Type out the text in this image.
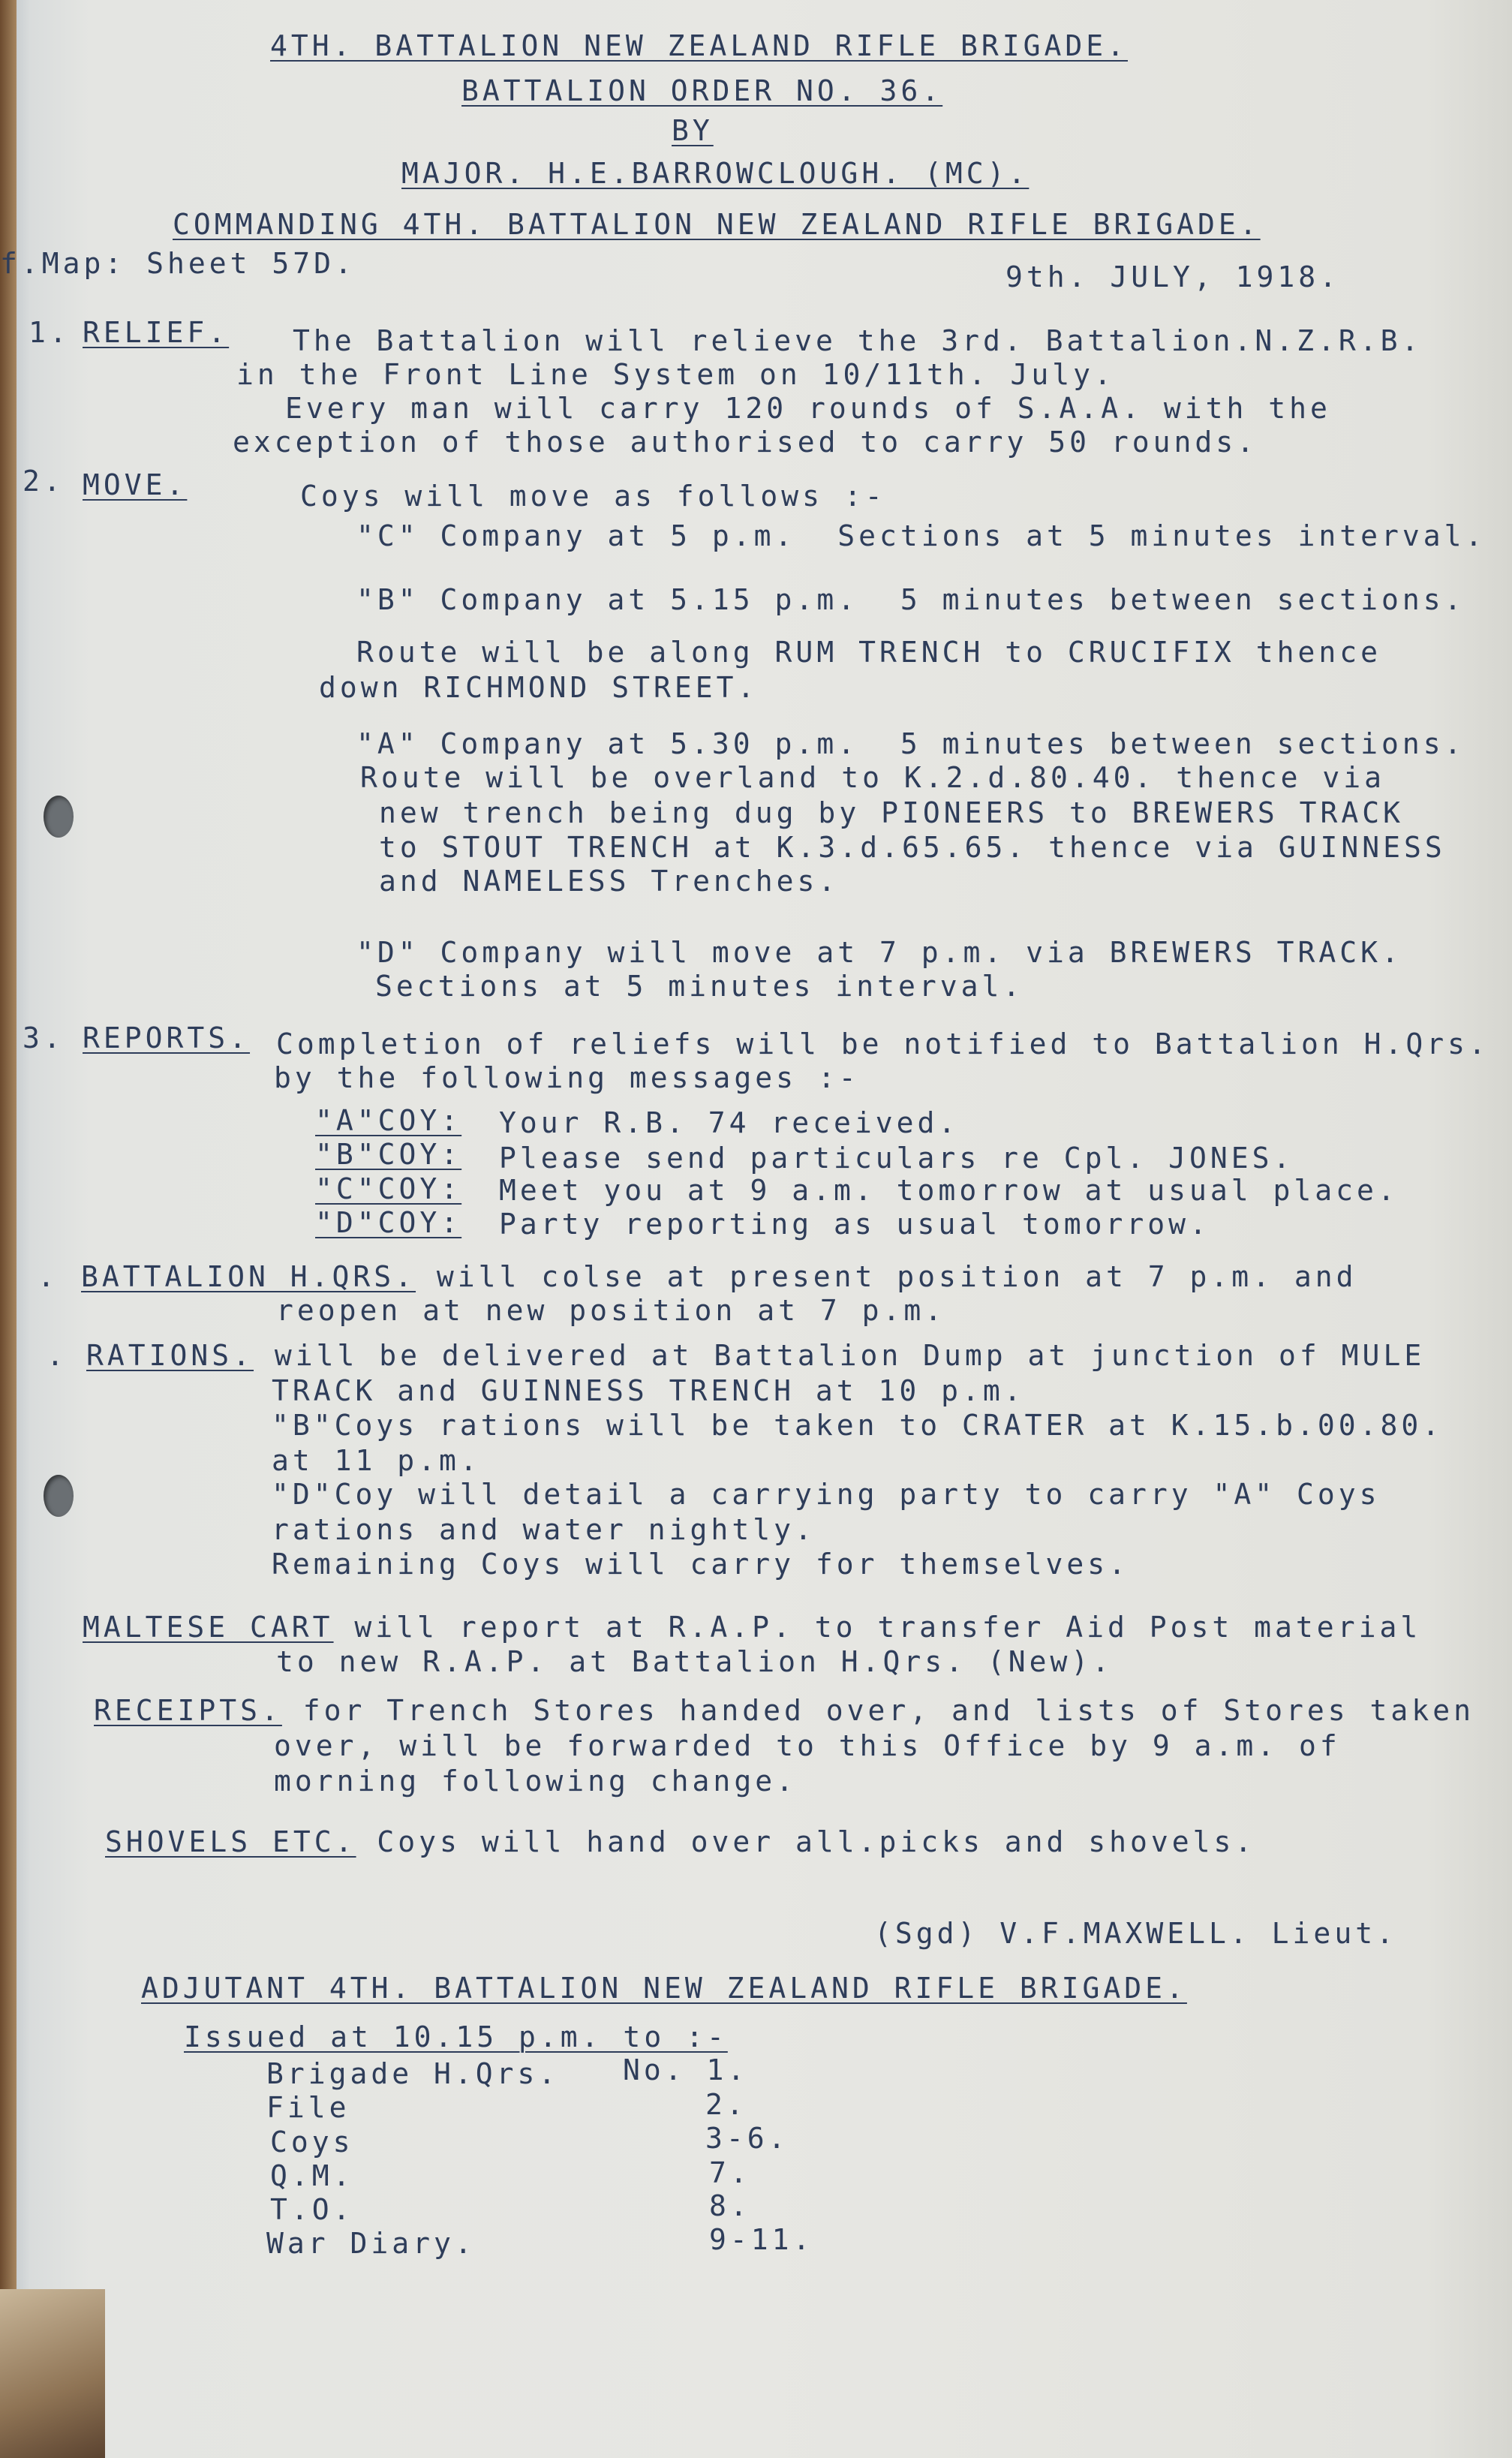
4TH. BATTALION NEW ZEALAND RIFLE BRIGADE.
BATTALION ORDER NO. 36.
BY
MAJOR. H.E.BARROWCLOUGH. (MC).
COMMANDING 4TH. BATTALION NEW ZEALAND RIFLE BRIGADE.
f.Map: Sheet 57D.	9th. JULY, 1918.
1. RELIEF. The Battalion will relieve the 3rd. Battalion.N.Z.R.B.
in the Front Line System on 10/11th. July.
Every man will carry 120 rounds of S.A.A. with the
exception of those authorised to carry 50 rounds.
2. MOVE.	Coys will move as follows :-
"C" Company at 5 p.m.  Sections at 5 minutes interval.
"B" Company at 5.15 p.m.  5 minutes between sections.
Route will be along RUM TRENCH to CRUCIFIX thence
down RICHMOND STREET.
"A" Company at 5.30 p.m.  5 minutes between sections.
Route will be overland to K.2.d.80.40. thence via
new trench being dug by PIONEERS to BREWERS TRACK
to STOUT TRENCH at K.3.d.65.65. thence via GUINNESS
and NAMELESS Trenches.
"D" Company will move at 7 p.m. via BREWERS TRACK.
Sections at 5 minutes interval.
3. REPORTS. Completion of reliefs will be notified to Battalion H.Qrs.
by the following messages :-
"A"COY: Your R.B. 74 received.
"B"COY: Please send particulars re Cpl. JONES.
"C"COY: Meet you at 9 a.m. tomorrow at usual place.
"D"COY: Party reporting as usual tomorrow.
. BATTALION H.QRS. will colse at present position at 7 p.m. and
reopen at new position at 7 p.m.
. RATIONS. will be delivered at Battalion Dump at junction of MULE
TRACK and GUINNESS TRENCH at 10 p.m.
"B"Coys rations will be taken to CRATER at K.15.b.00.80.
at 11 p.m.
"D"Coy will detail a carrying party to carry "A" Coys
rations and water nightly.
Remaining Coys will carry for themselves.
MALTESE CART will report at R.A.P. to transfer Aid Post material
to new R.A.P. at Battalion H.Qrs. (New).
RECEIPTS. for Trench Stores handed over, and lists of Stores taken
over, will be forwarded to this Office by 9 a.m. of
morning following change.
SHOVELS ETC. Coys will hand over all.picks and shovels.
(Sgd) V.F.MAXWELL. Lieut.
ADJUTANT 4TH. BATTALION NEW ZEALAND RIFLE BRIGADE.
Issued at 10.15 p.m. to :-
Brigade H.Qrs. No. 1.
File	2.
Coys	3-6.
Q.M.	7.
T.O.	8.
War Diary.	9-11.
